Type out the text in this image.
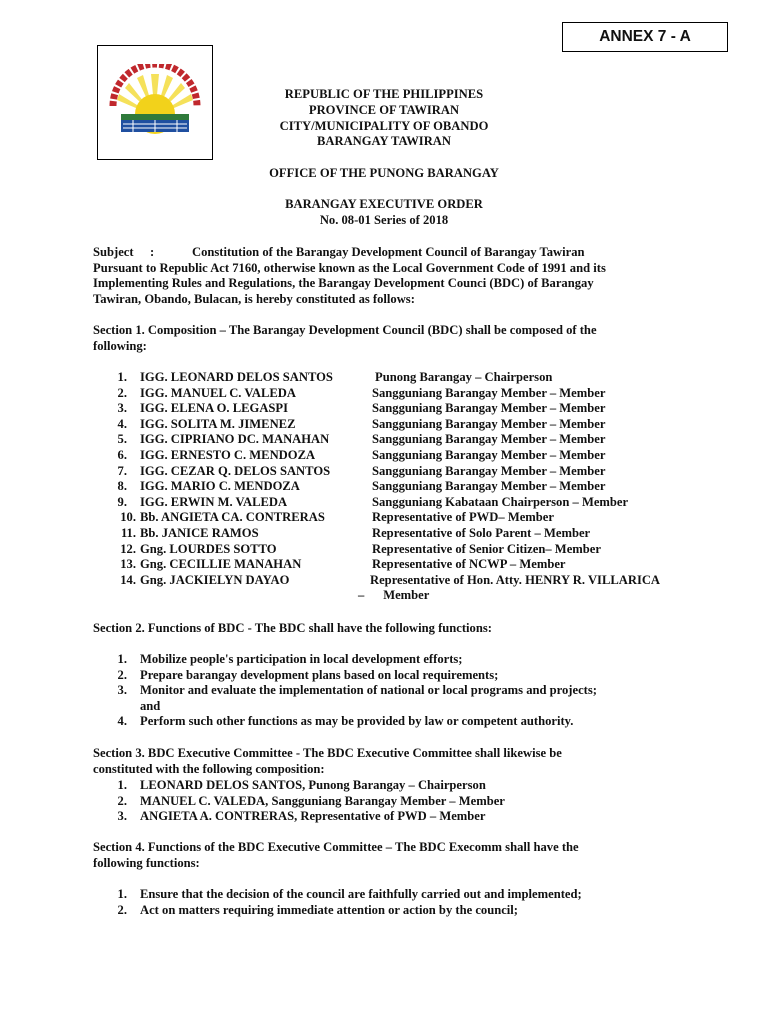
ANNEX 7 - A
REPUBLIC OF THE PHILIPPINES
PROVINCE OF TAWIRAN
CITY/MUNICIPALITY OF OBANDO
BARANGAY TAWIRAN
OFFICE OF THE PUNONG BARANGAY
BARANGAY EXECUTIVE ORDER
No. 08-01 Series of 2018
Subject :	Constitution of the Barangay Development Council of Barangay Tawiran
Pursuant to Republic Act 7160, otherwise known as the Local Government Code of 1991 and its
Implementing Rules and Regulations, the Barangay Development Counci (BDC) of Barangay
Tawiran, Obando, Bulacan, is hereby constituted as follows:
Section 1. Composition – The Barangay Development Council (BDC) shall be composed of the
following:
1. IGG. LEONARD DELOS SANTOS	Punong Barangay – Chairperson
2. IGG. MANUEL C. VALEDA	Sangguniang Barangay Member – Member
3. IGG. ELENA O. LEGASPI	Sangguniang Barangay Member – Member
4. IGG. SOLITA M. JIMENEZ	Sangguniang Barangay Member – Member
5. IGG. CIPRIANO DC. MANAHAN	Sangguniang Barangay Member – Member
6. IGG. ERNESTO C. MENDOZA	Sangguniang Barangay Member – Member
7. IGG. CEZAR Q. DELOS SANTOS	Sangguniang Barangay Member – Member
8. IGG. MARIO C. MENDOZA	Sangguniang Barangay Member – Member
9. IGG. ERWIN M. VALEDA	Sangguniang Kabataan Chairperson – Member
10. Bb. ANGIETA CA. CONTRERAS	Representative of PWD– Member
11. Bb. JANICE RAMOS	Representative of Solo Parent – Member
12. Gng. LOURDES SOTTO	Representative of Senior Citizen– Member
13. Gng. CECILLIE MANAHAN	Representative of NCWP – Member
14. Gng. JACKIELYN DAYAO	Representative of Hon. Atty. HENRY R. VILLARICA
–      Member
Section 2. Functions of BDC - The BDC shall have the following functions:
1. Mobilize people's participation in local development efforts;
2. Prepare barangay development plans based on local requirements;
3. Monitor and evaluate the implementation of national or local programs and projects;
and
4. Perform such other functions as may be provided by law or competent authority.
Section 3. BDC Executive Committee - The BDC Executive Committee shall likewise be
constituted with the following composition:
1. LEONARD DELOS SANTOS, Punong Barangay – Chairperson
2. MANUEL C. VALEDA, Sangguniang Barangay Member – Member
3. ANGIETA A. CONTRERAS, Representative of PWD – Member
Section 4. Functions of the BDC Executive Committee – The BDC Execomm shall have the
following functions:
1. Ensure that the decision of the council are faithfully carried out and implemented;
2. Act on matters requiring immediate attention or action by the council;
